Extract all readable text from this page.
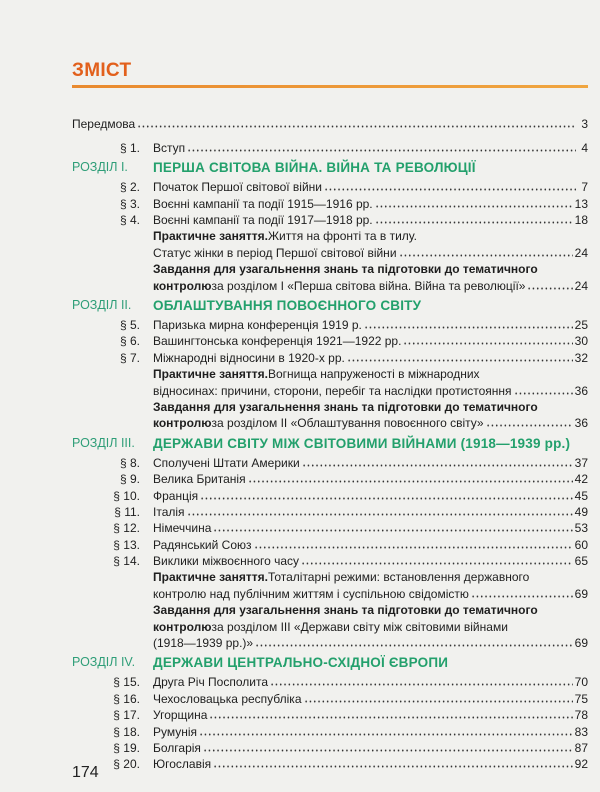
ЗМІСТ
Передмова	3
§ 1.	Вступ	4
РОЗДІЛ І.	ПЕРША СВІТОВА ВІЙНА. ВІЙНА ТА РЕВОЛЮЦІЇ
§ 2.	Початок Першої світової війни	7
§ 3.	Воєнні кампанії та події 1915—1916 рр.	13
§ 4.	Воєнні кампанії та події 1917—1918 рр.	18
Практичне заняття. Життя на фронті та в тилу.
Статус жінки в період Першої світової війни	24
Завдання для узагальнення знань та підготовки до тематичного
контролю за розділом І «Перша світова війна. Війна та революції»	24
РОЗДІЛ ІІ.	ОБЛАШТУВАННЯ ПОВОЄННОГО СВІТУ
§ 5.	Паризька мирна конференція 1919 р.	25
§ 6.	Вашингтонська конференція 1921—1922 рр.	30
§ 7.	Міжнародні відносини в 1920-х рр.	32
Практичне заняття. Вогнища напруженості в міжнародних
відносинах: причини, сторони, перебіг та наслідки протистояння	36
Завдання для узагальнення знань та підготовки до тематичного
контролю за розділом ІІ «Облаштування повоєнного світу»	36
РОЗДІЛ ІІІ.	ДЕРЖАВИ СВІТУ МІЖ СВІТОВИМИ ВІЙНАМИ (1918—1939 рр.)
§ 8.	Сполучені Штати Америки	37
§ 9.	Велика Британія	42
§ 10.	Франція	45
§ 11.	Італія	49
§ 12.	Німеччина	53
§ 13.	Радянський Союз	60
§ 14.	Виклики міжвоєнного часу	65
Практичне заняття. Тоталітарні режими: встановлення державного
контролю над публічним життям і суспільною свідомістю	69
Завдання для узагальнення знань та підготовки до тематичного
контролю за розділом ІІІ «Держави світу між світовими війнами
(1918—1939 рр.)»	69
РОЗДІЛ IV.	ДЕРЖАВИ ЦЕНТРАЛЬНО-СХІДНОЇ ЄВРОПИ
§ 15.	Друга Річ Посполита	70
§ 16.	Чехословацька республіка	75
§ 17.	Угорщина	78
§ 18.	Румунія	83
§ 19.	Болгарія	87
§ 20.	Югославія	92
174
